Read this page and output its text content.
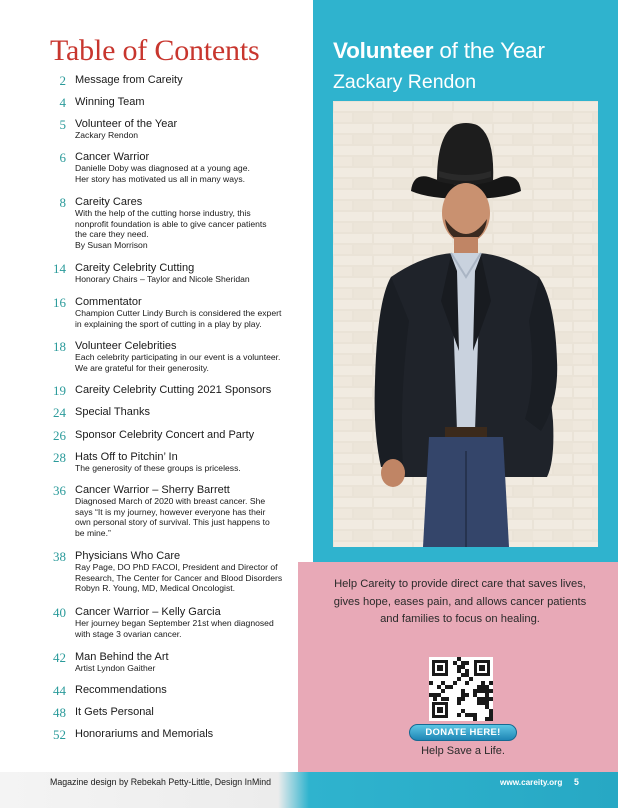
Table of Contents
2 Message from Careity
4 Winning Team
5 Volunteer of the Year
Zackary Rendon
6 Cancer Warrior
Danielle Doby was diagnosed at a young age.
Her story has motivated us all in many ways.
8 Careity Cares
With the help of the cutting horse industry, this
nonprofit foundation is able to give cancer patients
the care they need.
By Susan Morrison
14 Careity Celebrity Cutting
Honorary Chairs – Taylor and Nicole Sheridan
16 Commentator
Champion Cutter Lindy Burch is considered the expert
in explaining the sport of cutting in a play by play.
18 Volunteer Celebrities
Each celebrity participating in our event is a volunteer.
We are grateful for their generosity.
19 Careity Celebrity Cutting 2021 Sponsors
24 Special Thanks
26 Sponsor Celebrity Concert and Party
28 Hats Off to Pitchin’ In
The generosity of these groups is priceless.
36 Cancer Warrior – Sherry Barrett
Diagnosed March of 2020 with breast cancer. She
says “It is my journey, however everyone has their
own personal story of survival. This just happens to
be mine.”
38 Physicians Who Care
Ray Page, DO PhD FACOI, President and Director of
Research, The Center for Cancer and Blood Disorders
Robyn R. Young, MD, Medical Oncologist.
40 Cancer Warrior – Kelly Garcia
Her journey began September 21st when diagnosed
with stage 3 ovarian cancer.
42 Man Behind the Art
Artist Lyndon Gaither
44 Recommendations
48 It Gets Personal
52 Honorariums and Memorials
Volunteer of the Year
Zackary Rendon
Help Careity to provide direct care that saves lives,
gives hope, eases pain, and allows cancer patients
and families to focus on healing.
DONATE HERE!
Help Save a Life.
Magazine design by Rebekah Petty-Little, Design InMind	www.careity.org 5
